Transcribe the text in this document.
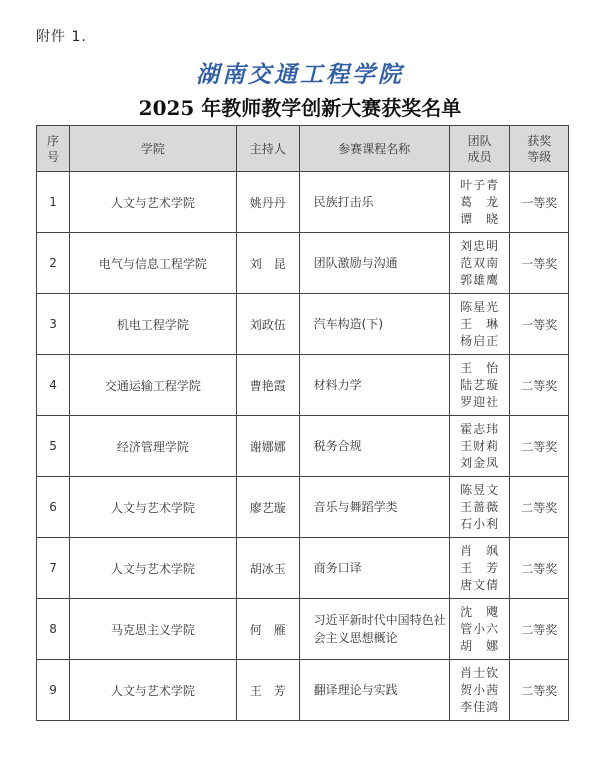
附件 1.
湖南交通工程学院
2025 年教师教学创新大赛获奖名单
序号	学院	主持人	参赛课程名称	团队成员	获奖等级
1	人文与艺术学院	姚丹丹	民族打击乐	叶子青
葛　龙
谭　晓	一等奖
2	电气与信息工程学院	刘　昆	团队激励与沟通	刘忠明
范双南
郭雄鹰	一等奖
3	机电工程学院	刘政伍	汽车构造(下)	陈星光
王　琳
杨启正	一等奖
4	交通运输工程学院	曹艳霞	材料力学	王　怡
陆艺璇
罗迎社	二等奖
5	经济管理学院	谢娜娜	税务合规	霍志玮
王财莉
刘金凤	二等奖
6	人文与艺术学院	廖艺璇	音乐与舞蹈学类	陈昱文
王蔷薇
石小利	二等奖
7	人文与艺术学院	胡冰玉	商务口译	肖　飒
王　芳
唐文倩	二等奖
8	马克思主义学院	何　雁	习近平新时代中国特色社会主义思想概论	沈　飕
管小六
胡　娜	二等奖
9	人文与艺术学院	王　芳	翻译理论与实践	肖士钦
贺小茜
李佳鸿	二等奖
